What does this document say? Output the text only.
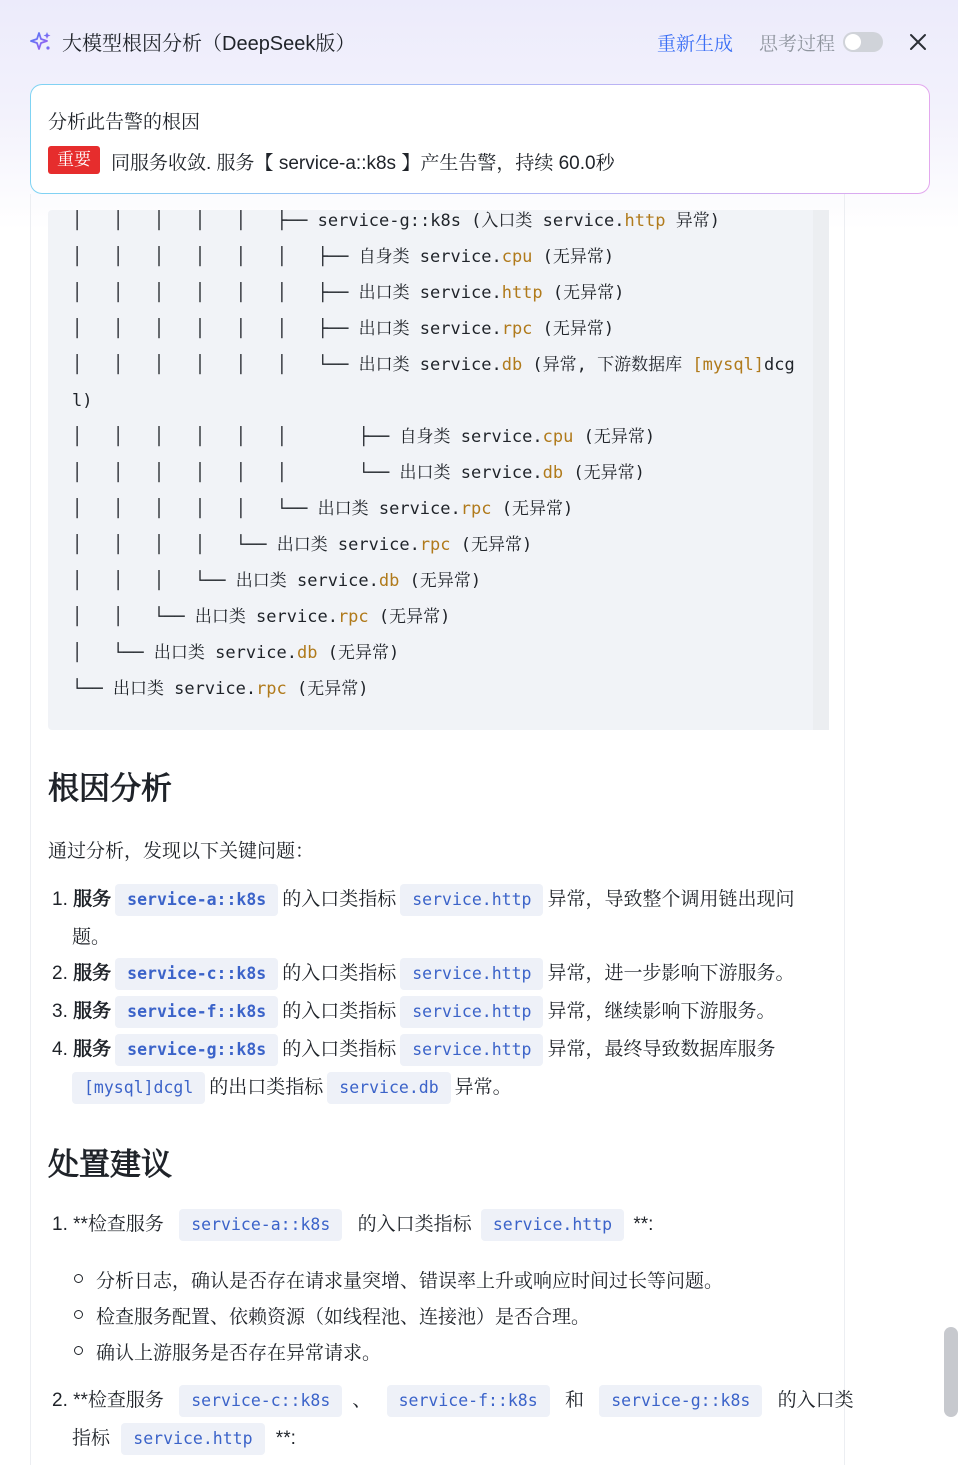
大模型根因分析（DeepSeek版）	重新生成 思考过程
分析此告警的根因
重要	同服务收敛. 服务【 service-a::k8s 】产生告警，持续 60.0秒
│   │   │   │   │   ├── service-g::k8s (入口类 service.http 异常)
│   │   │   │   │   │   ├── 自身类 service.cpu (无异常)
│   │   │   │   │   │   ├── 出口类 service.http (无异常)
│   │   │   │   │   │   ├── 出口类 service.rpc (无异常)
│   │   │   │   │   │   └── 出口类 service.db (异常, 下游数据库 [mysql]dcg
l)
│   │   │   │   │   │       ├── 自身类 service.cpu (无异常)
│   │   │   │   │   │       └── 出口类 service.db (无异常)
│   │   │   │   │   └── 出口类 service.rpc (无异常)
│   │   │   │   └── 出口类 service.rpc (无异常)
│   │   │   └── 出口类 service.db (无异常)
│   │   └── 出口类 service.rpc (无异常)
│   └── 出口类 service.db (无异常)
└── 出口类 service.rpc (无异常)
根因分析
通过分析，发现以下关键问题：
1. 服务 service-a::k8s 的入口类指标 service.http 异常，导致整个调用链出现问
题。
2. 服务 service-c::k8s 的入口类指标 service.http 异常，进一步影响下游服务。
3. 服务 service-f::k8s 的入口类指标 service.http 异常，继续影响下游服务。
4. 服务 service-g::k8s 的入口类指标 service.http 异常，最终导致数据库服务
[mysql]dcgl 的出口类指标 service.db 异常。
处置建议
1. **检查服务 service-a::k8s 的入口类指标 service.http **:
分析日志，确认是否存在请求量突增、错误率上升或响应时间过长等问题。
检查服务配置、依赖资源（如线程池、连接池）是否合理。
确认上游服务是否存在异常请求。
2. **检查服务 service-c::k8s 、 service-f::k8s 和 service-g::k8s 的入口类
指标 service.http **:
